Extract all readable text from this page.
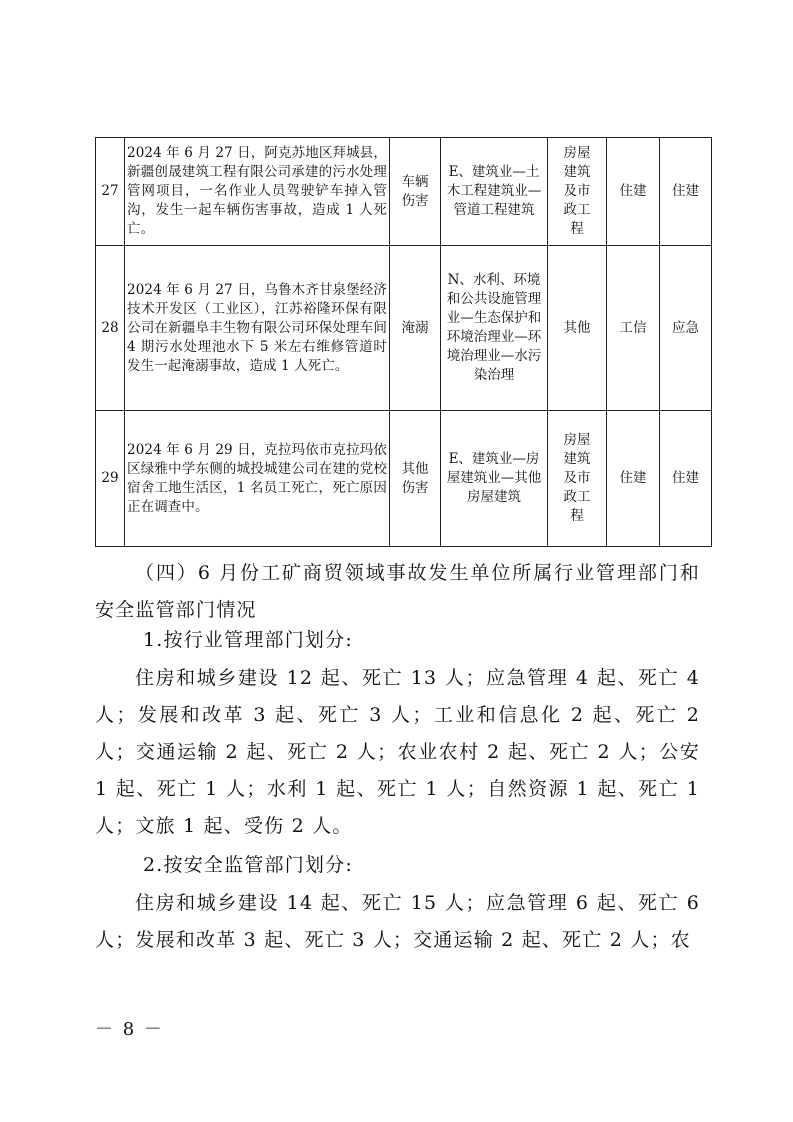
27	2024 年 6 月 27 日，阿克苏地区拜城县，新疆创晟建筑工程有限公司承建的污水处理管网项目，一名作业人员驾驶铲车掉入管沟，发生一起车辆伤害事故，造成 1 人死亡。	车辆伤害	E、建筑业—土木工程建筑业—管道工程建筑	房屋建筑及市政工程	住建	住建
28	2024 年 6 月 27 日，乌鲁木齐甘泉堡经济技术开发区（工业区），江苏裕隆环保有限公司在新疆阜丰生物有限公司环保处理车间 4 期污水处理池水下 5 米左右维修管道时发生一起淹溺事故，造成 1 人死亡。	淹溺	N、水利、环境和公共设施管理业—生态保护和环境治理业—环境治理业—水污染治理	其他	工信	应急
29	2024 年 6 月 29 日，克拉玛依市克拉玛依区绿雅中学东侧的城投城建公司在建的党校宿舍工地生活区，1 名员工死亡，死亡原因正在调查中。	其他伤害	E、建筑业—房屋建筑业—其他房屋建筑	房屋建筑及市政工程	住建	住建
（四）6 月份工矿商贸领域事故发生单位所属行业管理部门和安全监管部门情况
1.按行业管理部门划分:
住房和城乡建设 12 起、死亡 13 人；应急管理 4 起、死亡 4 人；发展和改革 3 起、死亡 3 人；工业和信息化 2 起、死亡 2 人；交通运输 2 起、死亡 2 人；农业农村 2 起、死亡 2 人；公安 1 起、死亡 1 人；水利 1 起、死亡 1 人；自然资源 1 起、死亡 1 人；文旅 1 起、受伤 2 人。
2.按安全监管部门划分:
住房和城乡建设 14 起、死亡 15 人；应急管理 6 起、死亡 6 人；发展和改革 3 起、死亡 3 人；交通运输 2 起、死亡 2 人；农
－ 8 －
